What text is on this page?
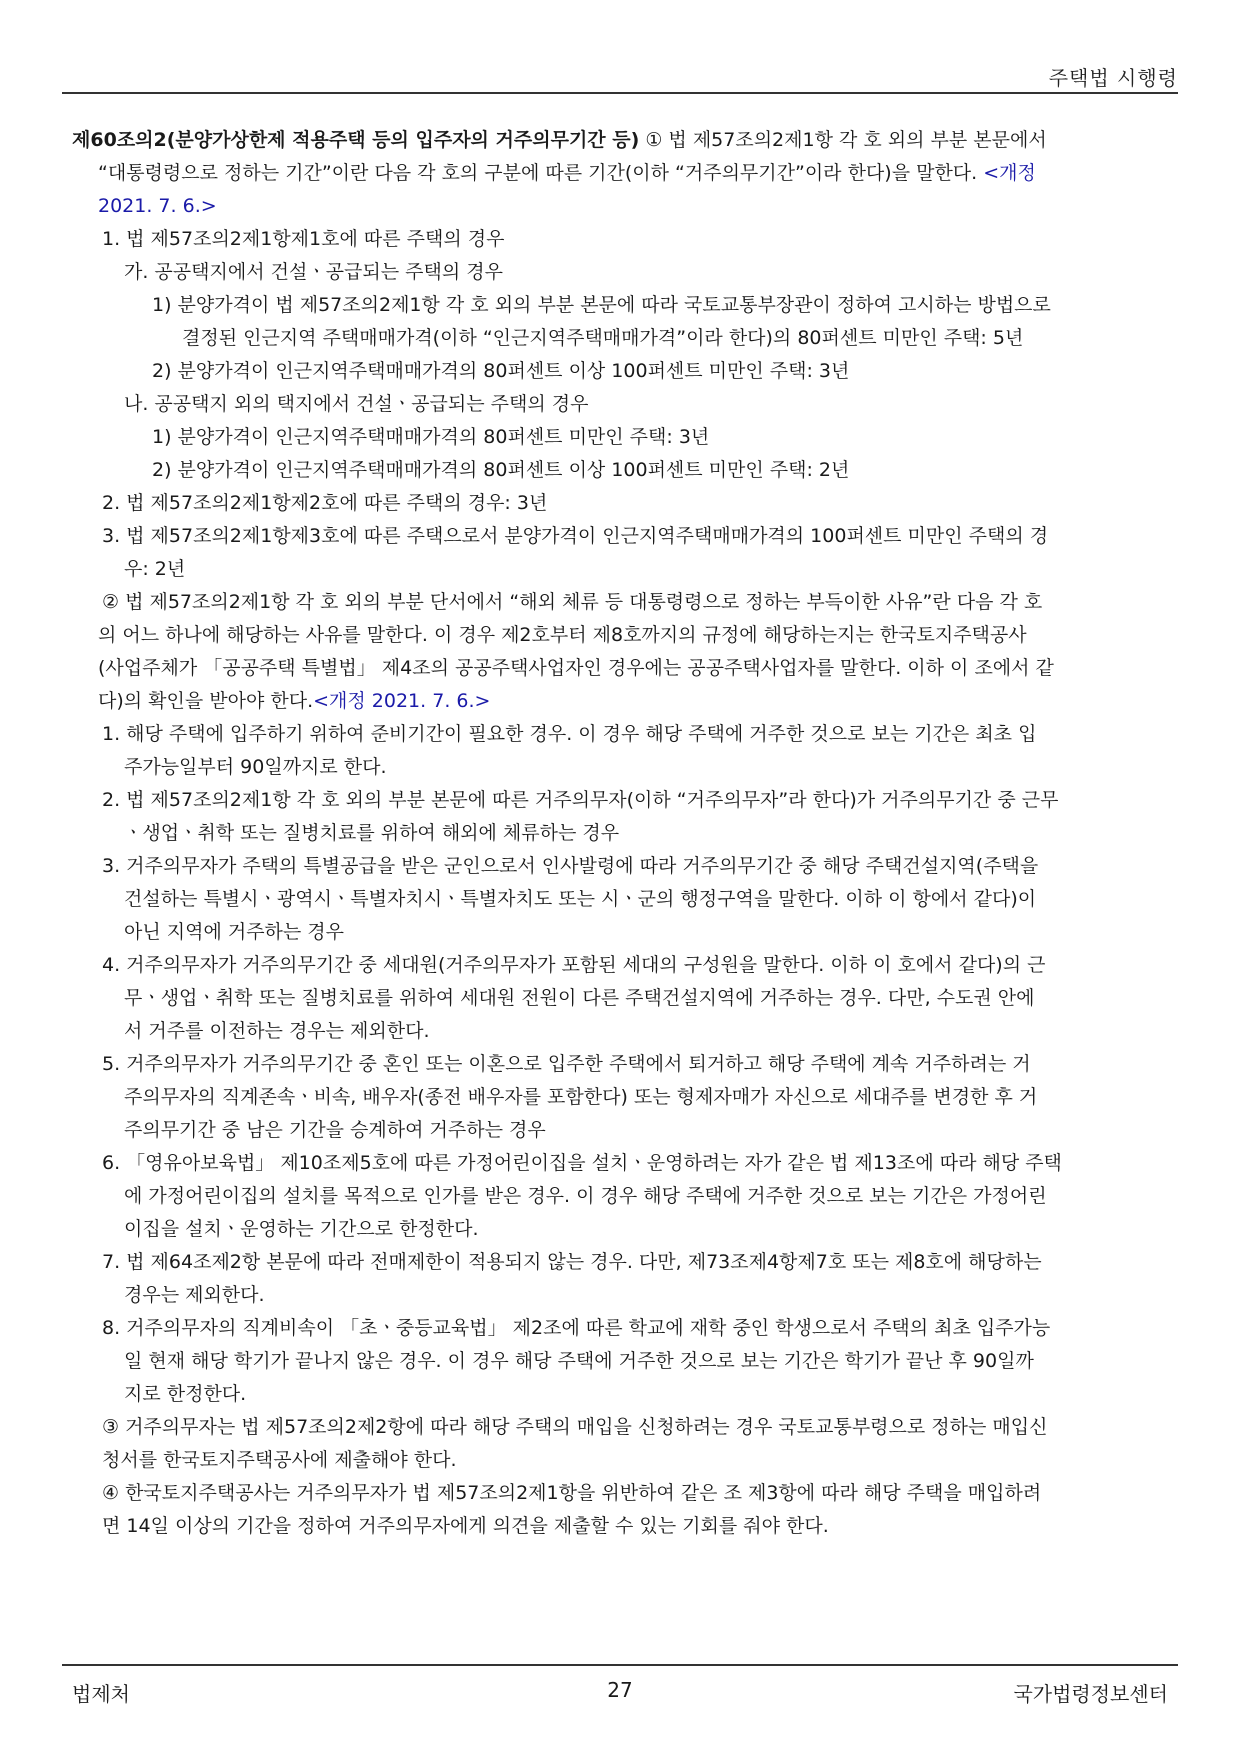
주택법 시행령
제60조의2(분양가상한제 적용주택 등의 입주자의 거주의무기간 등) ① 법 제57조의2제1항 각 호 외의 부분 본문에서
“대통령령으로 정하는 기간”이란 다음 각 호의 구분에 따른 기간(이하 “거주의무기간”이라 한다)을 말한다. <개정
2021. 7. 6.>
1. 법 제57조의2제1항제1호에 따른 주택의 경우
가. 공공택지에서 건설ㆍ공급되는 주택의 경우
1) 분양가격이 법 제57조의2제1항 각 호 외의 부분 본문에 따라 국토교통부장관이 정하여 고시하는 방법으로
결정된 인근지역 주택매매가격(이하 “인근지역주택매매가격”이라 한다)의 80퍼센트 미만인 주택: 5년
2) 분양가격이 인근지역주택매매가격의 80퍼센트 이상 100퍼센트 미만인 주택: 3년
나. 공공택지 외의 택지에서 건설ㆍ공급되는 주택의 경우
1) 분양가격이 인근지역주택매매가격의 80퍼센트 미만인 주택: 3년
2) 분양가격이 인근지역주택매매가격의 80퍼센트 이상 100퍼센트 미만인 주택: 2년
2. 법 제57조의2제1항제2호에 따른 주택의 경우: 3년
3. 법 제57조의2제1항제3호에 따른 주택으로서 분양가격이 인근지역주택매매가격의 100퍼센트 미만인 주택의 경
우: 2년
② 법 제57조의2제1항 각 호 외의 부분 단서에서 “해외 체류 등 대통령령으로 정하는 부득이한 사유”란 다음 각 호
의 어느 하나에 해당하는 사유를 말한다. 이 경우 제2호부터 제8호까지의 규정에 해당하는지는 한국토지주택공사
(사업주체가 「공공주택 특별법」 제4조의 공공주택사업자인 경우에는 공공주택사업자를 말한다. 이하 이 조에서 같
다)의 확인을 받아야 한다.<개정 2021. 7. 6.>
1. 해당 주택에 입주하기 위하여 준비기간이 필요한 경우. 이 경우 해당 주택에 거주한 것으로 보는 기간은 최초 입
주가능일부터 90일까지로 한다.
2. 법 제57조의2제1항 각 호 외의 부분 본문에 따른 거주의무자(이하 “거주의무자”라 한다)가 거주의무기간 중 근무
ㆍ생업ㆍ취학 또는 질병치료를 위하여 해외에 체류하는 경우
3. 거주의무자가 주택의 특별공급을 받은 군인으로서 인사발령에 따라 거주의무기간 중 해당 주택건설지역(주택을
건설하는 특별시ㆍ광역시ㆍ특별자치시ㆍ특별자치도 또는 시ㆍ군의 행정구역을 말한다. 이하 이 항에서 같다)이
아닌 지역에 거주하는 경우
4. 거주의무자가 거주의무기간 중 세대원(거주의무자가 포함된 세대의 구성원을 말한다. 이하 이 호에서 같다)의 근
무ㆍ생업ㆍ취학 또는 질병치료를 위하여 세대원 전원이 다른 주택건설지역에 거주하는 경우. 다만, 수도권 안에
서 거주를 이전하는 경우는 제외한다.
5. 거주의무자가 거주의무기간 중 혼인 또는 이혼으로 입주한 주택에서 퇴거하고 해당 주택에 계속 거주하려는 거
주의무자의 직계존속ㆍ비속, 배우자(종전 배우자를 포함한다) 또는 형제자매가 자신으로 세대주를 변경한 후 거
주의무기간 중 남은 기간을 승계하여 거주하는 경우
6. 「영유아보육법」 제10조제5호에 따른 가정어린이집을 설치ㆍ운영하려는 자가 같은 법 제13조에 따라 해당 주택
에 가정어린이집의 설치를 목적으로 인가를 받은 경우. 이 경우 해당 주택에 거주한 것으로 보는 기간은 가정어린
이집을 설치ㆍ운영하는 기간으로 한정한다.
7. 법 제64조제2항 본문에 따라 전매제한이 적용되지 않는 경우. 다만, 제73조제4항제7호 또는 제8호에 해당하는
경우는 제외한다.
8. 거주의무자의 직계비속이 「초ㆍ중등교육법」 제2조에 따른 학교에 재학 중인 학생으로서 주택의 최초 입주가능
일 현재 해당 학기가 끝나지 않은 경우. 이 경우 해당 주택에 거주한 것으로 보는 기간은 학기가 끝난 후 90일까
지로 한정한다.
③ 거주의무자는 법 제57조의2제2항에 따라 해당 주택의 매입을 신청하려는 경우 국토교통부령으로 정하는 매입신
청서를 한국토지주택공사에 제출해야 한다.
④ 한국토지주택공사는 거주의무자가 법 제57조의2제1항을 위반하여 같은 조 제3항에 따라 해당 주택을 매입하려
면 14일 이상의 기간을 정하여 거주의무자에게 의견을 제출할 수 있는 기회를 줘야 한다.
법제처	27	국가법령정보센터
